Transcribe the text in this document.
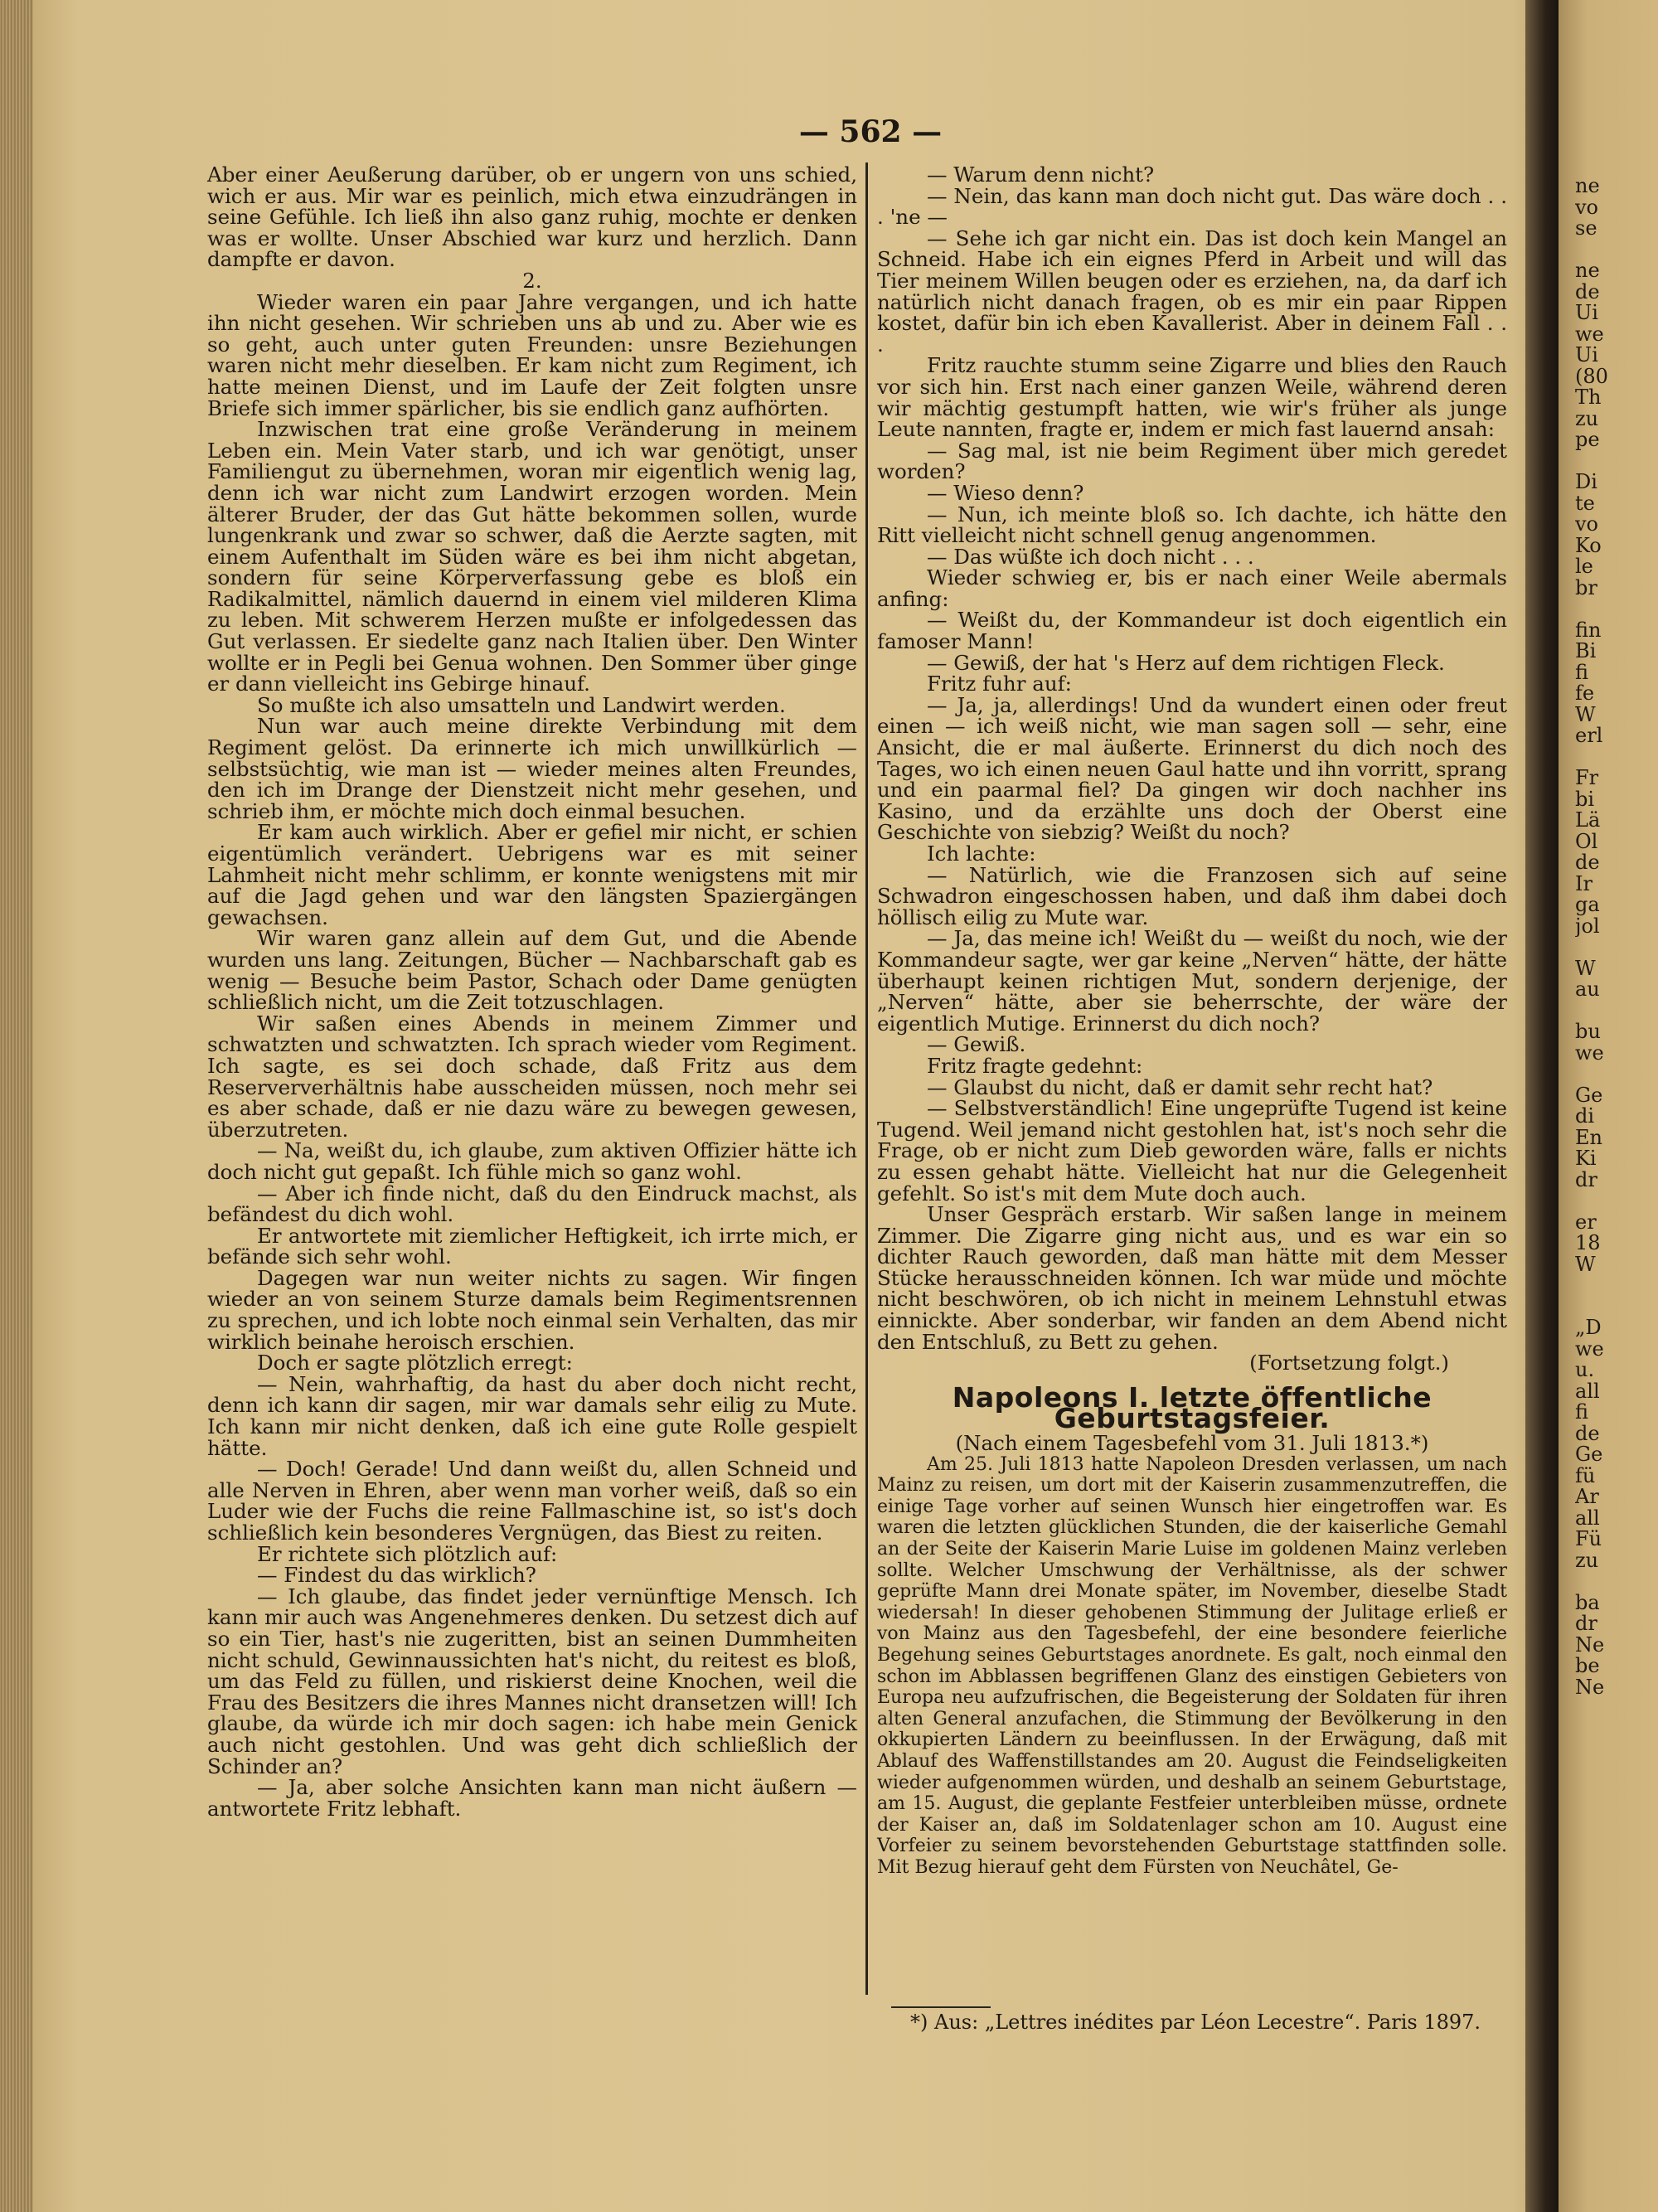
ne
vo
se
ne
de
Ui
we
Ui
(80
Th
zu
pe
Di
te
vo
Ko
le
br
fin
Bi
fi
fe
W
erl
Fr
bi
Lä
Ol
de
Ir
ga
jol
W
au
bu
we
Ge
di
En
Ki
dr
er
18
W
„D
we
u.
all
fi
de
Ge
fü
Ar
all
Fü
zu
ba
dr
Ne
be
Ne
— 562 —

Aber einer Aeußerung darüber, ob er ungern von uns schied, wich er aus. Mir war es peinlich, mich etwa einzudrängen in seine Gefühle. Ich ließ ihn also ganz ruhig, mochte er denken was er wollte. Unser Abschied war kurz und herzlich. Dann dampfte er davon.

2.

Wieder waren ein paar Jahre vergangen, und ich hatte ihn nicht gesehen. Wir schrieben uns ab und zu. Aber wie es so geht, auch unter guten Freunden: unsre Beziehungen waren nicht mehr dieselben. Er kam nicht zum Regiment, ich hatte meinen Dienst, und im Laufe der Zeit folgten unsre Briefe sich immer spärlicher, bis sie endlich ganz aufhörten.

Inzwischen trat eine große Veränderung in meinem Leben ein. Mein Vater starb, und ich war genötigt, unser Familiengut zu übernehmen, woran mir eigentlich wenig lag, denn ich war nicht zum Landwirt erzogen worden. Mein älterer Bruder, der das Gut hätte bekommen sollen, wurde lungenkrank und zwar so schwer, daß die Aerzte sagten, mit einem Aufenthalt im Süden wäre es bei ihm nicht abgetan, sondern für seine Körperverfassung gebe es bloß ein Radikalmittel, nämlich dauernd in einem viel milderen Klima zu leben. Mit schwerem Herzen mußte er infolgedessen das Gut verlassen. Er siedelte ganz nach Italien über. Den Winter wollte er in Pegli bei Genua wohnen. Den Sommer über ginge er dann vielleicht ins Gebirge hinauf.

So mußte ich also umsatteln und Landwirt werden.

Nun war auch meine direkte Verbindung mit dem Regiment gelöst. Da erinnerte ich mich unwillkürlich — selbstsüchtig, wie man ist — wieder meines alten Freundes, den ich im Drange der Dienstzeit nicht mehr gesehen, und schrieb ihm, er möchte mich doch einmal besuchen.

Er kam auch wirklich. Aber er gefiel mir nicht, er schien eigentümlich verändert. Uebrigens war es mit seiner Lahmheit nicht mehr schlimm, er konnte wenigstens mit mir auf die Jagd gehen und war den längsten Spaziergängen gewachsen.

Wir waren ganz allein auf dem Gut, und die Abende wurden uns lang. Zeitungen, Bücher — Nachbarschaft gab es wenig — Besuche beim Pastor, Schach oder Dame genügten schließlich nicht, um die Zeit totzuschlagen.

Wir saßen eines Abends in meinem Zimmer und schwatzten und schwatzten. Ich sprach wieder vom Regiment. Ich sagte, es sei doch schade, daß Fritz aus dem Reserververhältnis habe ausscheiden müssen, noch mehr sei es aber schade, daß er nie dazu wäre zu bewegen gewesen, überzutreten.

— Na, weißt du, ich glaube, zum aktiven Offizier hätte ich doch nicht gut gepaßt. Ich fühle mich so ganz wohl.

— Aber ich finde nicht, daß du den Eindruck machst, als befändest du dich wohl.

Er antwortete mit ziemlicher Heftigkeit, ich irrte mich, er befände sich sehr wohl.

Dagegen war nun weiter nichts zu sagen. Wir fingen wieder an von seinem Sturze damals beim Regimentsrennen zu sprechen, und ich lobte noch einmal sein Verhalten, das mir wirklich beinahe heroisch erschien.

Doch er sagte plötzlich erregt:

— Nein, wahrhaftig, da hast du aber doch nicht recht, denn ich kann dir sagen, mir war damals sehr eilig zu Mute. Ich kann mir nicht denken, daß ich eine gute Rolle gespielt hätte.

— Doch! Gerade! Und dann weißt du, allen Schneid und alle Nerven in Ehren, aber wenn man vorher weiß, daß so ein Luder wie der Fuchs die reine Fallmaschine ist, so ist's doch schließlich kein besonderes Vergnügen, das Biest zu reiten.

Er richtete sich plötzlich auf:

— Findest du das wirklich?

— Ich glaube, das findet jeder vernünftige Mensch. Ich kann mir auch was Angenehmeres denken. Du setzest dich auf so ein Tier, hast's nie zugeritten, bist an seinen Dummheiten nicht schuld, Gewinnaussichten hat's nicht, du reitest es bloß, um das Feld zu füllen, und riskierst deine Knochen, weil die Frau des Besitzers die ihres Mannes nicht dransetzen will! Ich glaube, da würde ich mir doch sagen: ich habe mein Genick auch nicht gestohlen. Und was geht dich schließlich der Schinder an?

— Ja, aber solche Ansichten kann man nicht äußern — antwortete Fritz lebhaft.

— Warum denn nicht?

— Nein, das kann man doch nicht gut. Das wäre doch . . . 'ne —

— Sehe ich gar nicht ein. Das ist doch kein Mangel an Schneid. Habe ich ein eignes Pferd in Arbeit und will das Tier meinem Willen beugen oder es erziehen, na, da darf ich natürlich nicht danach fragen, ob es mir ein paar Rippen kostet, dafür bin ich eben Kavallerist. Aber in deinem Fall . . .

Fritz rauchte stumm seine Zigarre und blies den Rauch vor sich hin. Erst nach einer ganzen Weile, während deren wir mächtig gestumpft hatten, wie wir's früher als junge Leute nannten, fragte er, indem er mich fast lauernd ansah:

— Sag mal, ist nie beim Regiment über mich geredet worden?

— Wieso denn?

— Nun, ich meinte bloß so. Ich dachte, ich hätte den Ritt vielleicht nicht schnell genug angenommen.

— Das wüßte ich doch nicht . . .

Wieder schwieg er, bis er nach einer Weile abermals anfing:

— Weißt du, der Kommandeur ist doch eigentlich ein famoser Mann!

— Gewiß, der hat 's Herz auf dem richtigen Fleck.

Fritz fuhr auf:

— Ja, ja, allerdings! Und da wundert einen oder freut einen — ich weiß nicht, wie man sagen soll — sehr, eine Ansicht, die er mal äußerte. Erinnerst du dich noch des Tages, wo ich einen neuen Gaul hatte und ihn vorritt, sprang und ein paarmal fiel? Da gingen wir doch nachher ins Kasino, und da erzählte uns doch der Oberst eine Geschichte von siebzig? Weißt du noch?

Ich lachte:

— Natürlich, wie die Franzosen sich auf seine Schwadron eingeschossen haben, und daß ihm dabei doch höllisch eilig zu Mute war.

— Ja, das meine ich! Weißt du — weißt du noch, wie der Kommandeur sagte, wer gar keine „Nerven“ hätte, der hätte überhaupt keinen richtigen Mut, sondern derjenige, der „Nerven“ hätte, aber sie beherrschte, der wäre der eigentlich Mutige. Erinnerst du dich noch?

— Gewiß.

Fritz fragte gedehnt:

— Glaubst du nicht, daß er damit sehr recht hat?

— Selbstverständlich! Eine ungeprüfte Tugend ist keine Tugend. Weil jemand nicht gestohlen hat, ist's noch sehr die Frage, ob er nicht zum Dieb geworden wäre, falls er nichts zu essen gehabt hätte. Vielleicht hat nur die Gelegenheit gefehlt. So ist's mit dem Mute doch auch.

Unser Gespräch erstarb. Wir saßen lange in meinem Zimmer. Die Zigarre ging nicht aus, und es war ein so dichter Rauch geworden, daß man hätte mit dem Messer Stücke herausschneiden können. Ich war müde und möchte nicht beschwören, ob ich nicht in meinem Lehnstuhl etwas einnickte. Aber sonderbar, wir fanden an dem Abend nicht den Entschluß, zu Bett zu gehen.

(Fortsetzung folgt.)

Napoleons I. letzte öffentliche Geburtstagsfeier.

(Nach einem Tagesbefehl vom 31. Juli 1813.*)

Am 25. Juli 1813 hatte Napoleon Dresden verlassen, um nach Mainz zu reisen, um dort mit der Kaiserin zusammenzutreffen, die einige Tage vorher auf seinen Wunsch hier eingetroffen war. Es waren die letzten glücklichen Stunden, die der kaiserliche Gemahl an der Seite der Kaiserin Marie Luise im goldenen Mainz verleben sollte. Welcher Umschwung der Verhältnisse, als der schwer geprüfte Mann drei Monate später, im November, dieselbe Stadt wiedersah! In dieser gehobenen Stimmung der Julitage erließ er von Mainz aus den Tagesbefehl, der eine besondere feierliche Begehung seines Geburtstages anordnete. Es galt, noch einmal den schon im Abblassen begriffenen Glanz des einstigen Gebieters von Europa neu aufzufrischen, die Begeisterung der Soldaten für ihren alten General anzufachen, die Stimmung der Bevölkerung in den okkupierten Ländern zu beeinflussen. In der Erwägung, daß mit Ablauf des Waffenstillstandes am 20. August die Feindseligkeiten wieder aufgenommen würden, und deshalb an seinem Geburtstage, am 15. August, die geplante Festfeier unterbleiben müsse, ordnete der Kaiser an, daß im Soldatenlager schon am 10. August eine Vorfeier zu seinem bevorstehenden Geburtstage stattfinden solle. Mit Bezug hierauf geht dem Fürsten von Neuchâtel, Ge-

*) Aus: „Lettres inédites par Léon Lecestre“. Paris 1897.
